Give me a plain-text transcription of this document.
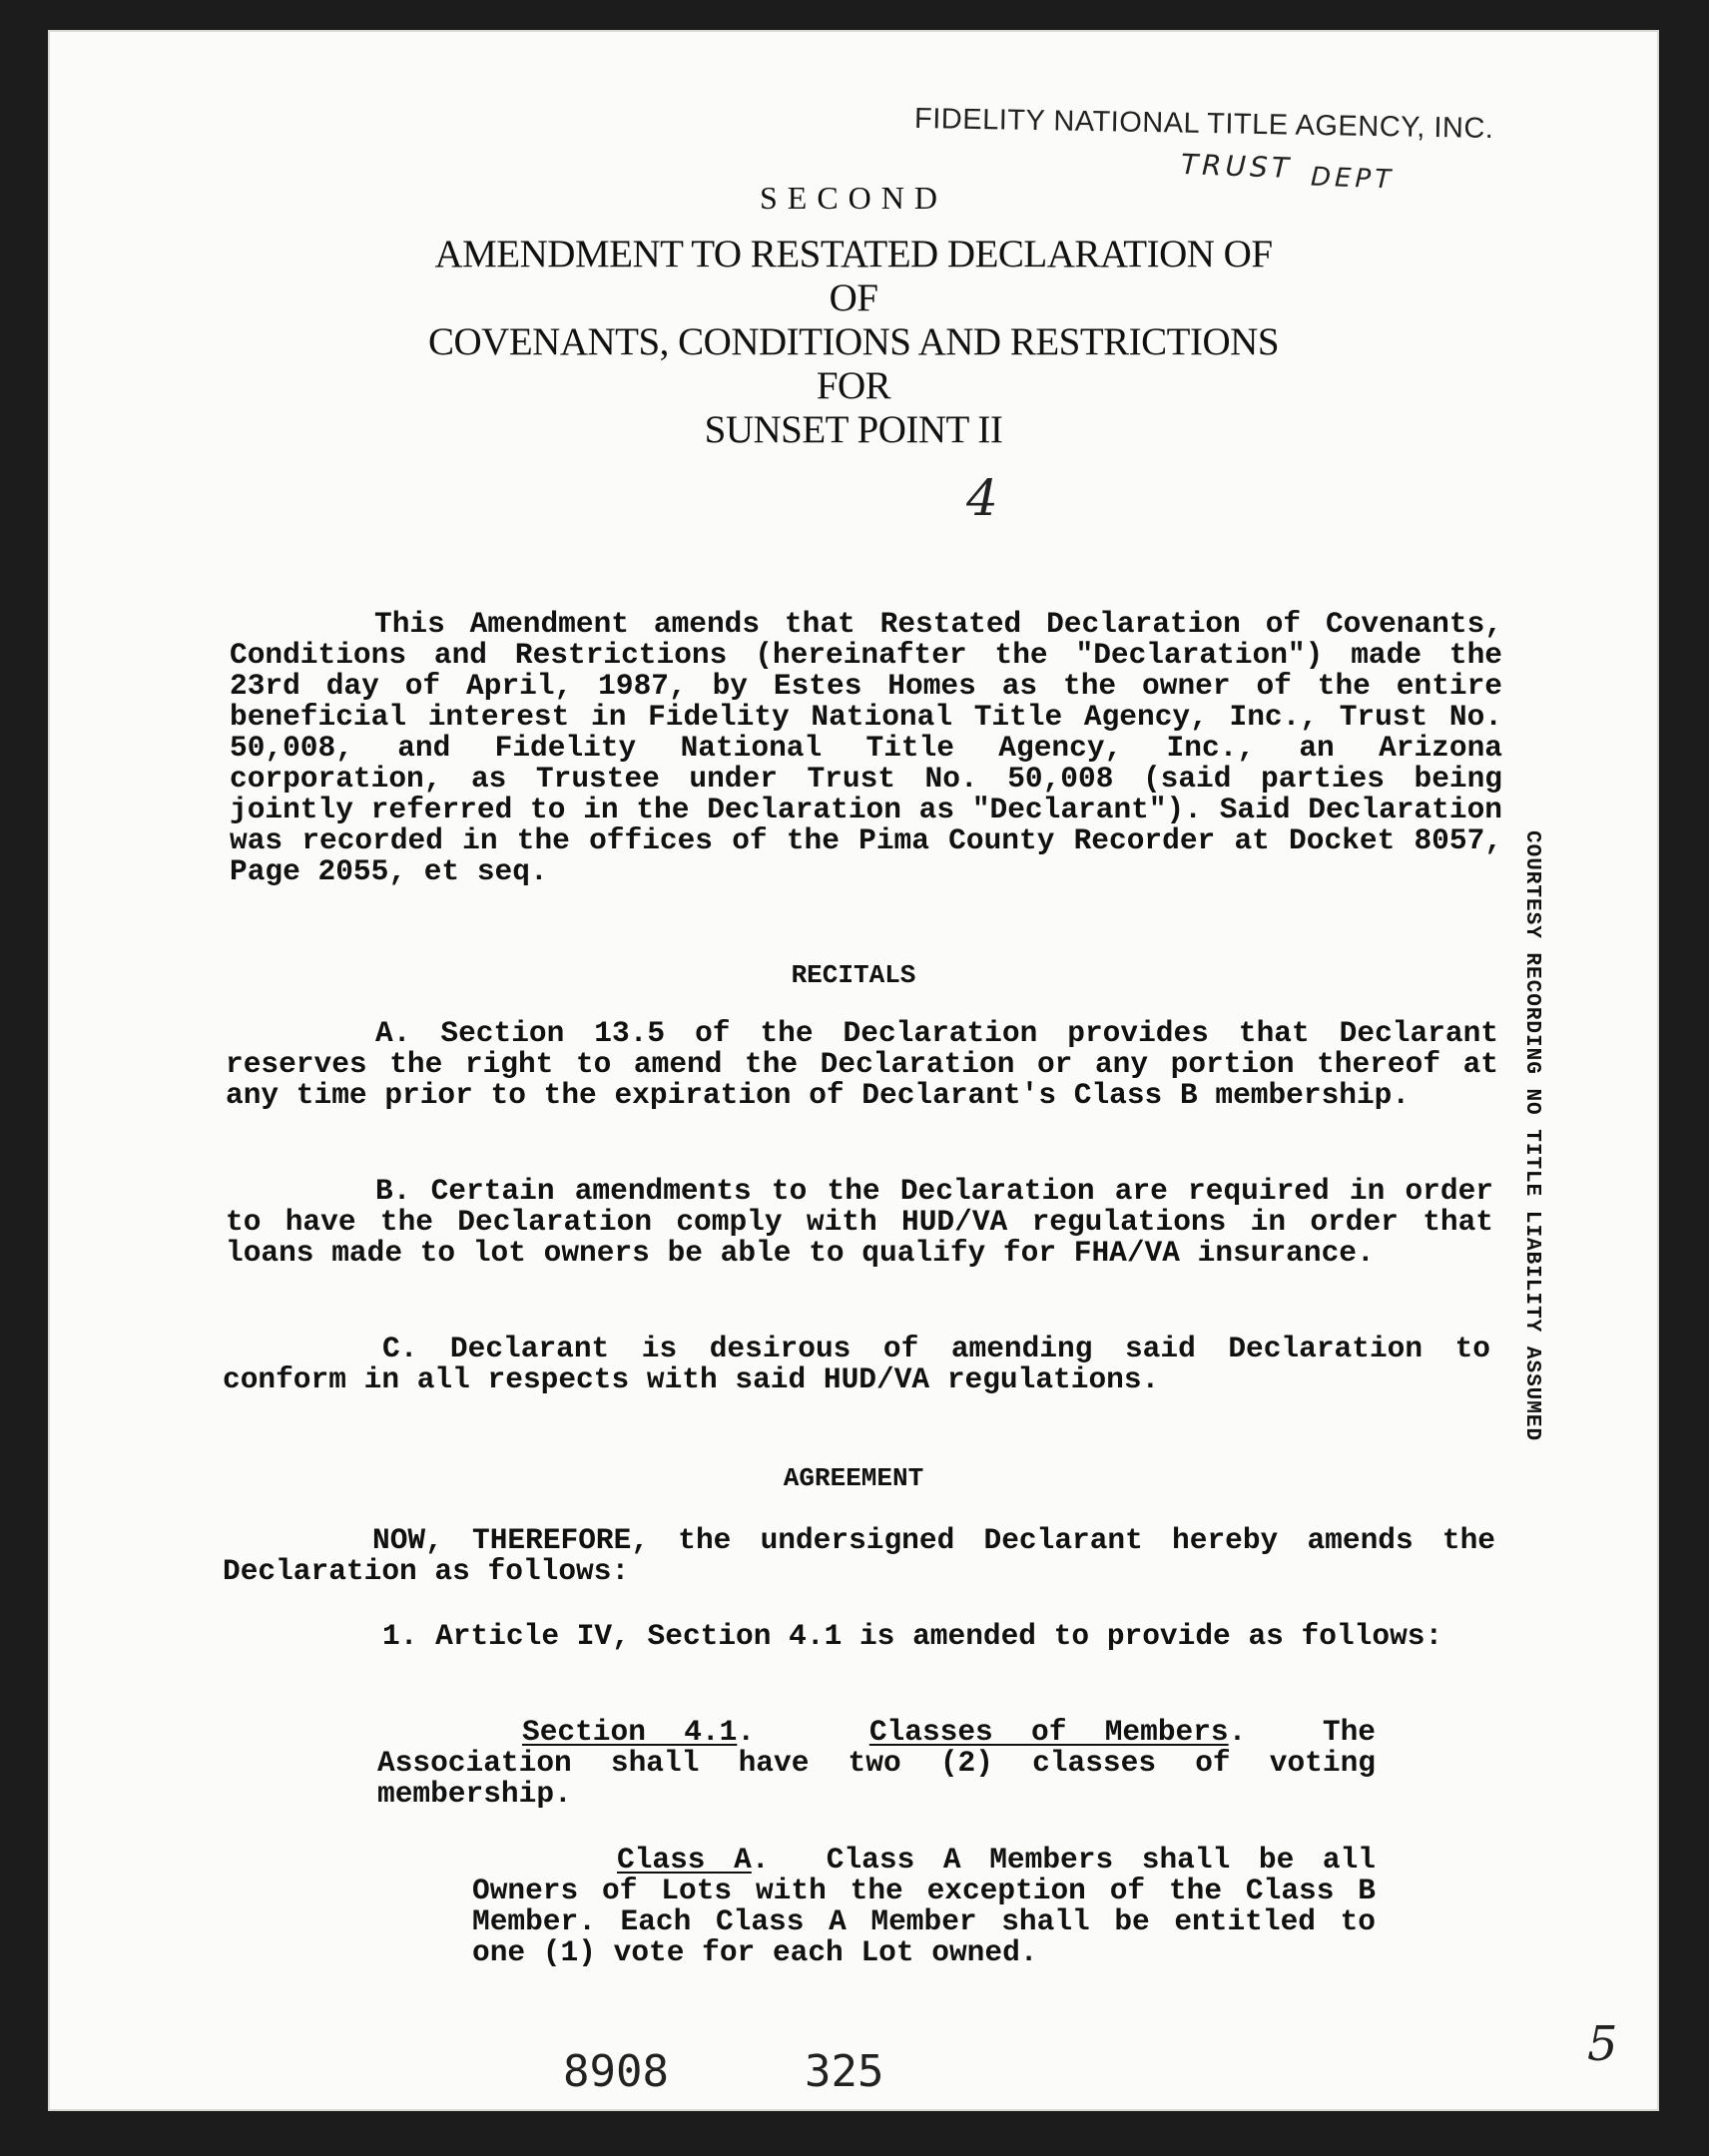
FIDELITY NATIONAL TITLE AGENCY, INC.
TRUST DEPT
SECOND
AMENDMENT TO RESTATED DECLARATION OF
OF
COVENANTS, CONDITIONS AND RESTRICTIONS
FOR
SUNSET POINT II
4
This Amendment amends that Restated Declaration of Covenants, Conditions and Restrictions (hereinafter the "Declaration") made the 23rd day of April, 1987, by Estes Homes as the owner of the entire beneficial interest in Fidelity National Title Agency, Inc., Trust No. 50,008, and Fidelity National Title Agency, Inc., an Arizona corporation, as Trustee under Trust No. 50,008 (said parties being jointly referred to in the Declaration as "Declarant"). Said Declaration was recorded in the offices of the Pima County Recorder at Docket 8057, Page 2055, et seq.
RECITALS
A. Section 13.5 of the Declaration provides that Declarant reserves the right to amend the Declaration or any portion thereof at any time prior to the expiration of Declarant's Class B membership.
B. Certain amendments to the Declaration are required in order to have the Declaration comply with HUD/VA regulations in order that loans made to lot owners be able to qualify for FHA/VA insurance.
C. Declarant is desirous of amending said Declaration to conform in all respects with said HUD/VA regulations.
AGREEMENT
NOW, THEREFORE, the undersigned Declarant hereby amends the Declaration as follows:
1. Article IV, Section 4.1 is amended to provide as follows:
Section 4.1.   Classes of Members.  The Association shall have two (2) classes of voting membership.
Class A.  Class A Members shall be all Owners of Lots with the exception of the Class B Member. Each Class A Member shall be entitled to one (1) vote for each Lot owned.
COURTESY RECORDING NO TITLE LIABILITY ASSUMED
8908	325	5
